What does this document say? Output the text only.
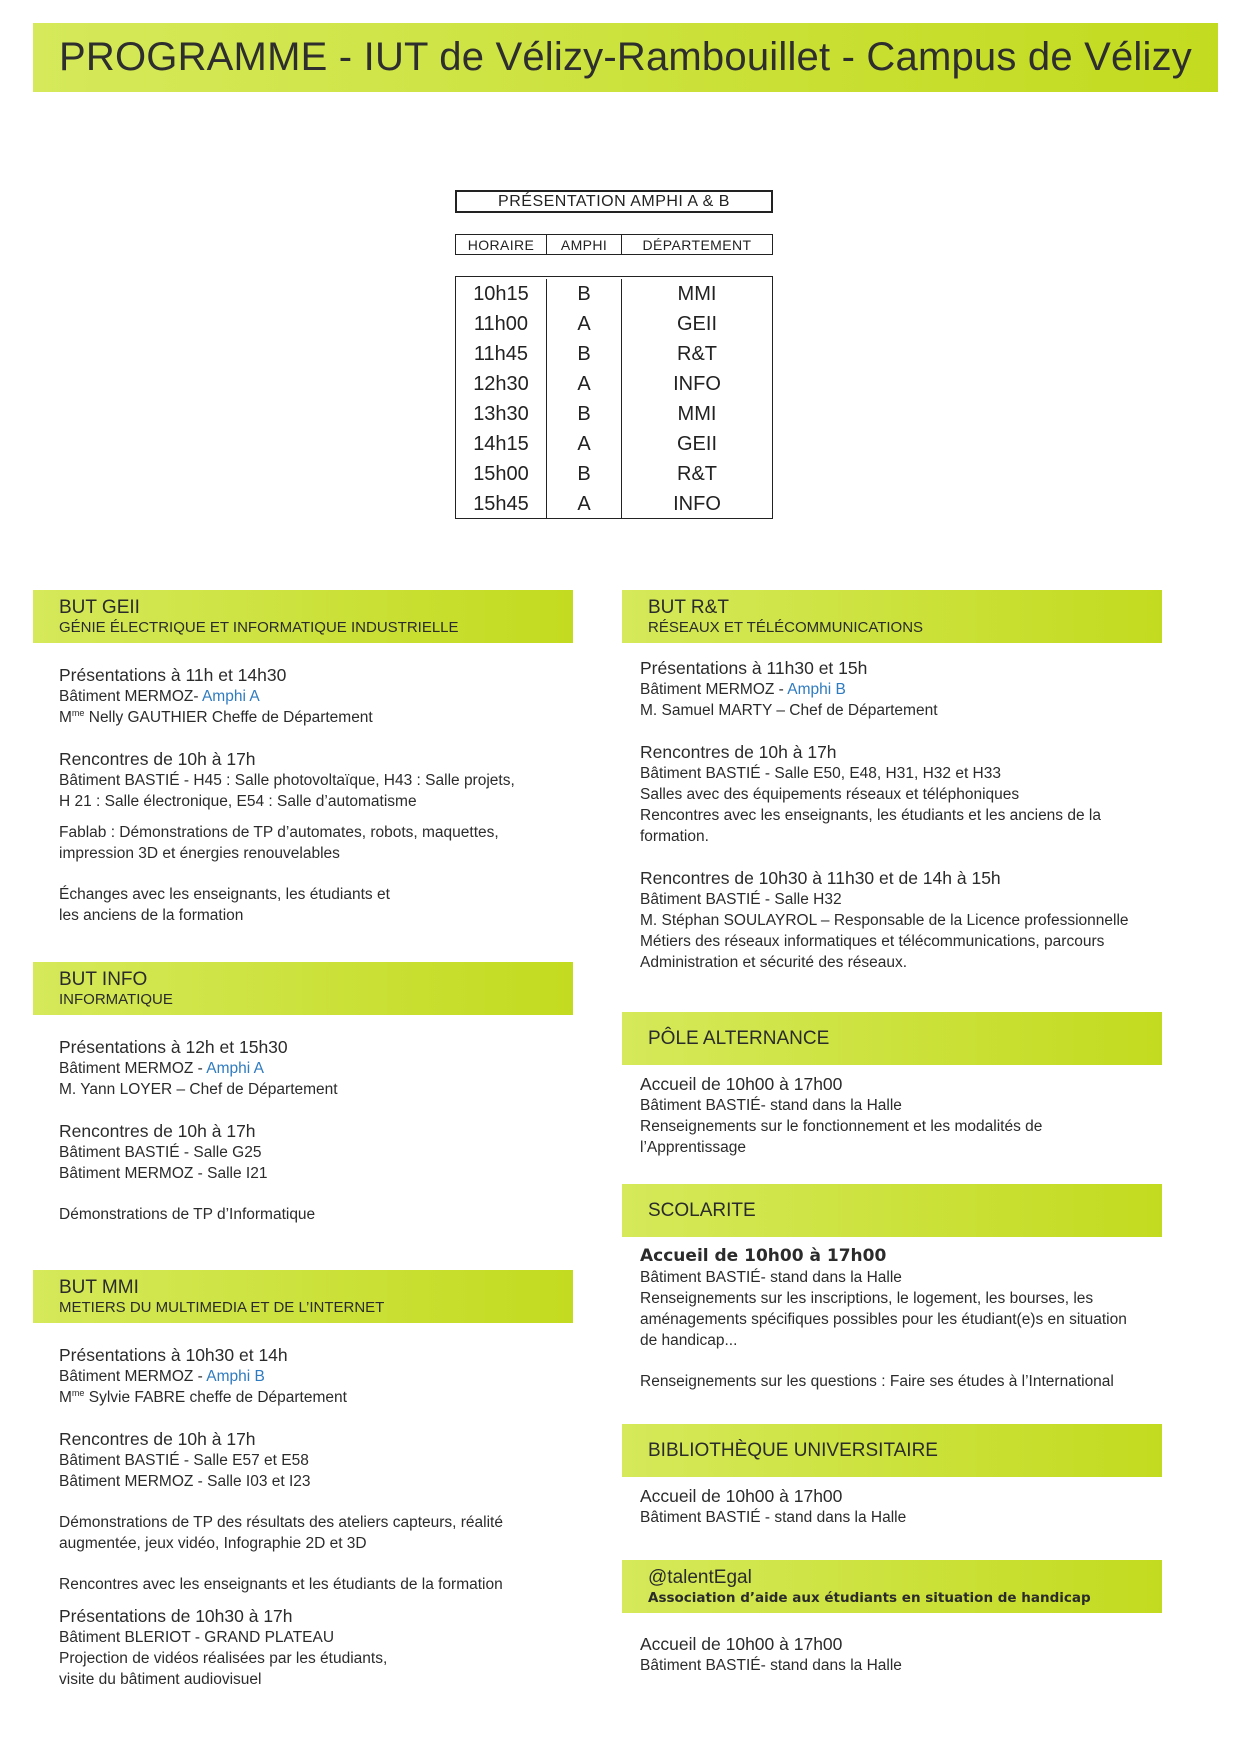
PROGRAMME - IUT de Vélizy-Rambouillet - Campus de Vélizy
PRÉSENTATION AMPHI A & B
HORAIRE	AMPHI	DÉPARTEMENT
10h15
11h00
11h45
12h30
13h30
14h15
15h00
15h45
B
A
B
A
B
A
B
A
MMI
GEII
R&T
INFO
MMI
GEII
R&T
INFO
BUT GEII
GÉNIE ÉLECTRIQUE ET INFORMATIQUE INDUSTRIELLE
Présentations à 11h et 14h30
Bâtiment MERMOZ- Amphi A
$M^{me}$ Nelly GAUTHIER Cheffe de Département
Rencontres de 10h à 17h
Bâtiment BASTIÉ - H45 : Salle photovoltaïque, H43 : Salle projets,
H 21 : Salle électronique, E54 : Salle d’automatisme
Fablab : Démonstrations de TP d’automates, robots, maquettes,
impression 3D et énergies renouvelables
Échanges avec les enseignants, les étudiants et
les anciens de la formation
BUT INFO
INFORMATIQUE
Présentations à 12h et 15h30
Bâtiment MERMOZ - Amphi A
M. Yann LOYER – Chef de Département
Rencontres de 10h à 17h
Bâtiment BASTIÉ - Salle G25
Bâtiment MERMOZ - Salle I21
Démonstrations de TP d’Informatique
BUT MMI
METIERS DU MULTIMEDIA ET DE L’INTERNET
Présentations à 10h30 et 14h
Bâtiment MERMOZ - Amphi B
$M^{me}$ Sylvie FABRE cheffe de Département
Rencontres de 10h à 17h
Bâtiment BASTIÉ - Salle E57 et E58
Bâtiment MERMOZ - Salle I03 et I23
Démonstrations de TP des résultats des ateliers capteurs, réalité
augmentée, jeux vidéo, Infographie 2D et 3D
Rencontres avec les enseignants et les étudiants de la formation
Présentations de 10h30 à 17h
Bâtiment BLERIOT - GRAND PLATEAU
Projection de vidéos réalisées par les étudiants,
visite du bâtiment audiovisuel
BUT R&T
RÉSEAUX ET TÉLÉCOMMUNICATIONS
Présentations à 11h30 et 15h
Bâtiment MERMOZ - Amphi B
M. Samuel MARTY – Chef de Département
Rencontres de 10h à 17h
Bâtiment BASTIÉ - Salle E50, E48, H31, H32 et H33
Salles avec des équipements réseaux et téléphoniques
Rencontres avec les enseignants, les étudiants et les anciens de la
formation.
Rencontres de 10h30 à 11h30 et de 14h à 15h
Bâtiment BASTIÉ - Salle H32
M. Stéphan SOULAYROL – Responsable de la Licence professionnelle
Métiers des réseaux informatiques et télécommunications, parcours
Administration et sécurité des réseaux.
PÔLE ALTERNANCE
Accueil de 10h00 à 17h00
Bâtiment BASTIÉ- stand dans la Halle
Renseignements sur le fonctionnement et les modalités de
l’Apprentissage
SCOLARITE
Accueil de 10h00 à 17h00
Bâtiment BASTIÉ- stand dans la Halle
Renseignements sur les inscriptions, le logement, les bourses, les
aménagements spécifiques possibles pour les étudiant(e)s en situation
de handicap...
Renseignements sur les questions : Faire ses études à l’International
BIBLIOTHÈQUE UNIVERSITAIRE
Accueil de 10h00 à 17h00
Bâtiment BASTIÉ - stand dans la Halle
@talentEgal
Association d’aide aux étudiants en situation de handicap
Accueil de 10h00 à 17h00
Bâtiment BASTIÉ- stand dans la Halle
